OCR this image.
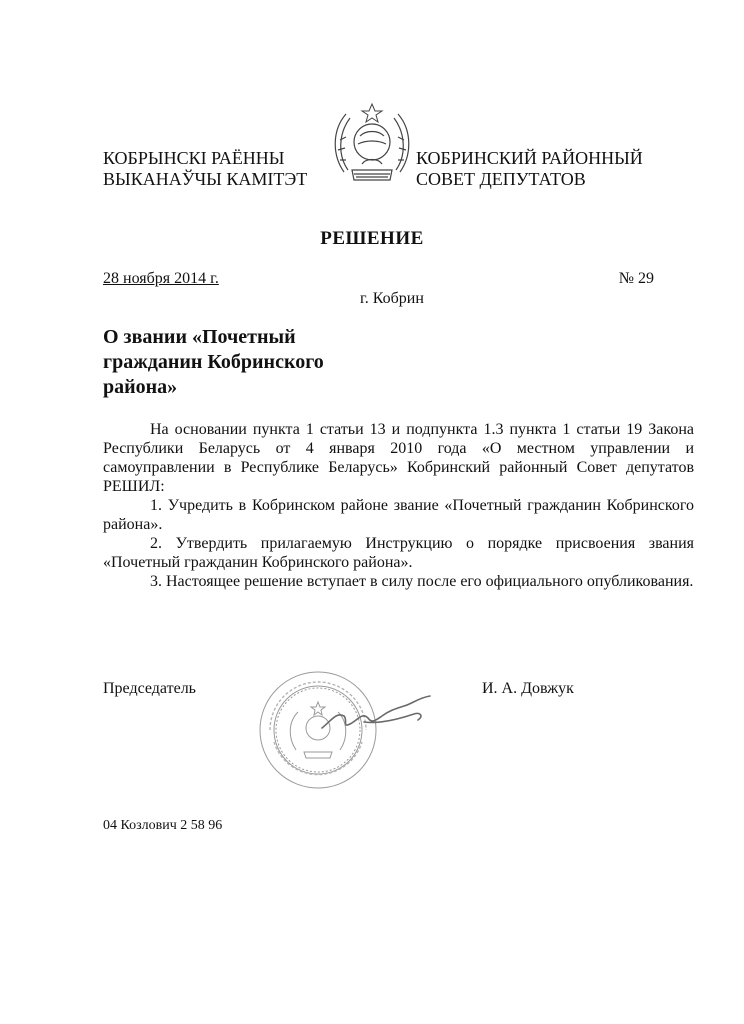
КОБРЫНСКІ РАЁННЫ
ВЫКАНАЎЧЫ КАМІТЭТ
КОБРИНСКИЙ РАЙОННЫЙ
СОВЕТ ДЕПУТАТОВ
РЕШЕНИЕ
28 ноября 2014 г.	№ 29
г. Кобрин
О звании «Почетный
гражданин Кобринского
района»

На основании пункта 1 статьи 13 и подпункта 1.3 пункта 1 статьи 19 Закона Республики Беларусь от 4 января 2010 года «О местном управлении и самоуправлении в Республике Беларусь» Кобринский районный Совет депутатов РЕШИЛ:

1. Учредить в Кобринском районе звание «Почетный гражданин Кобринского района».

2. Утвердить прилагаемую Инструкцию о порядке присвоения звания «Почетный гражданин Кобринского района».

3. Настоящее решение вступает в силу после его официального опубликования.

Председатель	И. А. Довжук
04 Козлович 2 58 96
